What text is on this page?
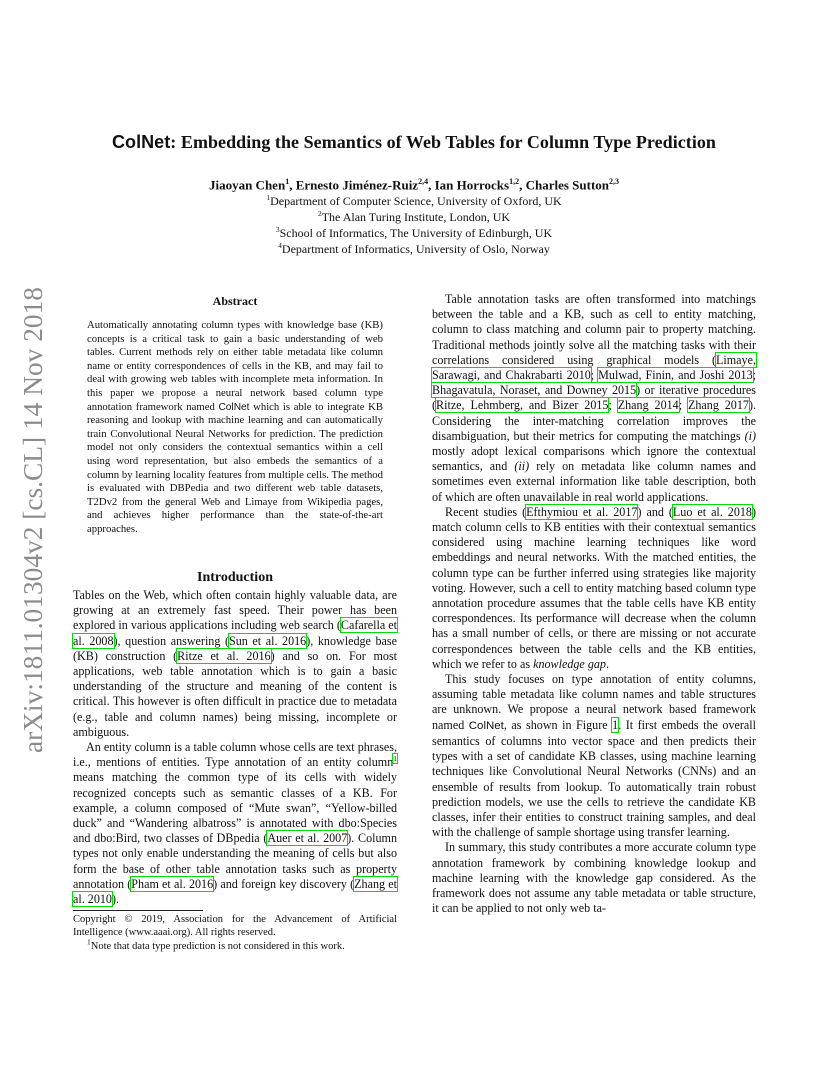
arXiv:1811.01304v2 [cs.CL] 14 Nov 2018
ColNet: Embedding the Semantics of Web Tables for Column Type Prediction
Jiaoyan Chen$^1$, Ernesto Jiménez-Ruiz$^{2,4}$, Ian Horrocks$^{1,2}$, Charles Sutton$^{2,3}$
$^1$Department of Computer Science, University of Oxford, UK
$^2$The Alan Turing Institute, London, UK
$^3$School of Informatics, The University of Edinburgh, UK
$^4$Department of Informatics, University of Oslo, Norway
Abstract
Automatically annotating column types with knowledge base (KB) concepts is a critical task to gain a basic understanding of web tables. Current methods rely on either table metadata like column name or entity correspondences of cells in the KB, and may fail to deal with growing web tables with incomplete meta information. In this paper we propose a neural network based column type annotation framework named ColNet which is able to integrate KB reasoning and lookup with machine learning and can automatically train Convolutional Neural Networks for prediction. The prediction model not only considers the contextual semantics within a cell using word representation, but also embeds the semantics of a column by learning locality features from multiple cells. The method is evaluated with DBPedia and two different web table datasets, T2Dv2 from the general Web and Limaye from Wikipedia pages, and achieves higher performance than the state-of-the-art approaches.
Introduction

Tables on the Web, which often contain highly valuable data, are growing at an extremely fast speed. Their power has been explored in various applications including web search (Cafarella et al. 2008), question answering (Sun et al. 2016), knowledge base (KB) construction (Ritze et al. 2016) and so on. For most applications, web table annotation which is to gain a basic understanding of the structure and meaning of the content is critical. This however is often difficult in practice due to metadata (e.g., table and column names) being missing, incomplete or ambiguous.

An entity column is a table column whose cells are text phrases, i.e., mentions of entities. Type annotation of an entity column$^1$ means matching the common type of its cells with widely recognized concepts such as semantic classes of a KB. For example, a column composed of “Mute swan”, “Yellow-billed duck” and “Wandering albatross” is annotated with dbo:Species and dbo:Bird, two classes of DBpedia (Auer et al. 2007). Column types not only enable understanding the meaning of cells but also form the base of other table annotation tasks such as property annotation (Pham et al. 2016) and foreign key discovery (Zhang et al. 2010).

Copyright © 2019, Association for the Advancement of Artificial Intelligence (www.aaai.org). All rights reserved.
$^1$Note that data type prediction is not considered in this work.

Table annotation tasks are often transformed into matchings between the table and a KB, such as cell to entity matching, column to class matching and column pair to property matching. Traditional methods jointly solve all the matching tasks with their correlations considered using graphical models (Limaye, Sarawagi, and Chakrabarti 2010; Mulwad, Finin, and Joshi 2013; Bhagavatula, Noraset, and Downey 2015) or iterative procedures (Ritze, Lehmberg, and Bizer 2015; Zhang 2014; Zhang 2017). Considering the inter-matching correlation improves the disambiguation, but their metrics for computing the matchings (i) mostly adopt lexical comparisons which ignore the contextual semantics, and (ii) rely on metadata like column names and sometimes even external information like table description, both of which are often unavailable in real world applications.

Recent studies (Efthymiou et al. 2017) and (Luo et al. 2018) match column cells to KB entities with their contextual semantics considered using machine learning techniques like word embeddings and neural networks. With the matched entities, the column type can be further inferred using strategies like majority voting. However, such a cell to entity matching based column type annotation procedure assumes that the table cells have KB entity correspondences. Its performance will decrease when the column has a small number of cells, or there are missing or not accurate correspondences between the table cells and the KB entities, which we refer to as knowledge gap.

This study focuses on type annotation of entity columns, assuming table metadata like column names and table structures are unknown. We propose a neural network based framework named ColNet, as shown in Figure 1. It first embeds the overall semantics of columns into vector space and then predicts their types with a set of candidate KB classes, using machine learning techniques like Convolutional Neural Networks (CNNs) and an ensemble of results from lookup. To automatically train robust prediction models, we use the cells to retrieve the candidate KB classes, infer their entities to construct training samples, and deal with the challenge of sample shortage using transfer learning.

In summary, this study contributes a more accurate column type annotation framework by combining knowledge lookup and machine learning with the knowledge gap considered. As the framework does not assume any table metadata or table structure, it can be applied to not only web ta-
